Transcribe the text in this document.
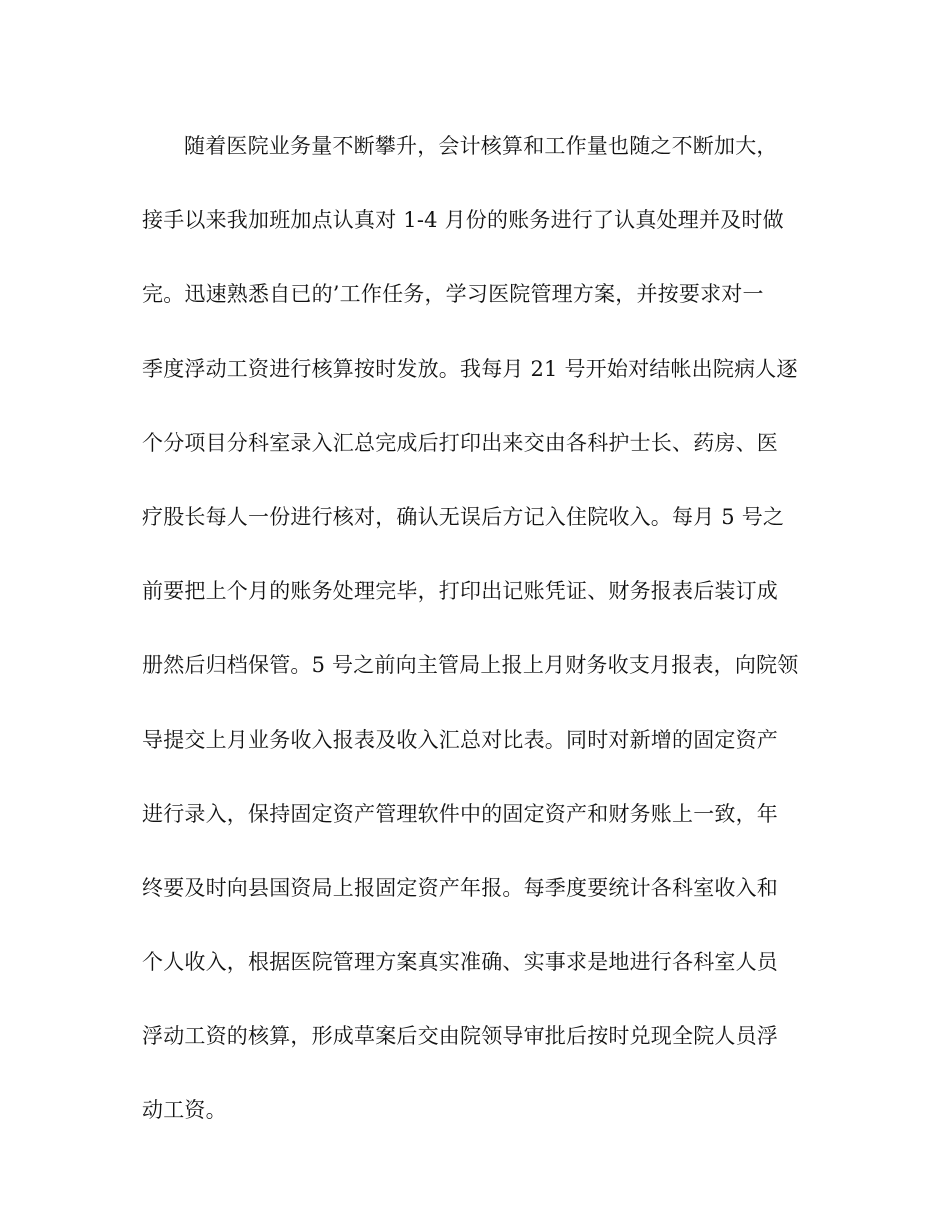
随着医院业务量不断攀升，会计核算和工作量也随之不断加大，
接手以来我加班加点认真对 1-4 月份的账务进行了认真处理并及时做
完。迅速熟悉自已的’工作任务，学习医院管理方案，并按要求对一
季度浮动工资进行核算按时发放。我每月 21 号开始对结帐出院病人逐
个分项目分科室录入汇总完成后打印出来交由各科护士长、药房、医
疗股长每人一份进行核对，确认无误后方记入住院收入。每月 5 号之
前要把上个月的账务处理完毕，打印出记账凭证、财务报表后装订成
册然后归档保管。5 号之前向主管局上报上月财务收支月报表，向院领
导提交上月业务收入报表及收入汇总对比表。同时对新增的固定资产
进行录入，保持固定资产管理软件中的固定资产和财务账上一致，年
终要及时向县国资局上报固定资产年报。每季度要统计各科室收入和
个人收入，根据医院管理方案真实准确、实事求是地进行各科室人员
浮动工资的核算，形成草案后交由院领导审批后按时兑现全院人员浮
动工资。
